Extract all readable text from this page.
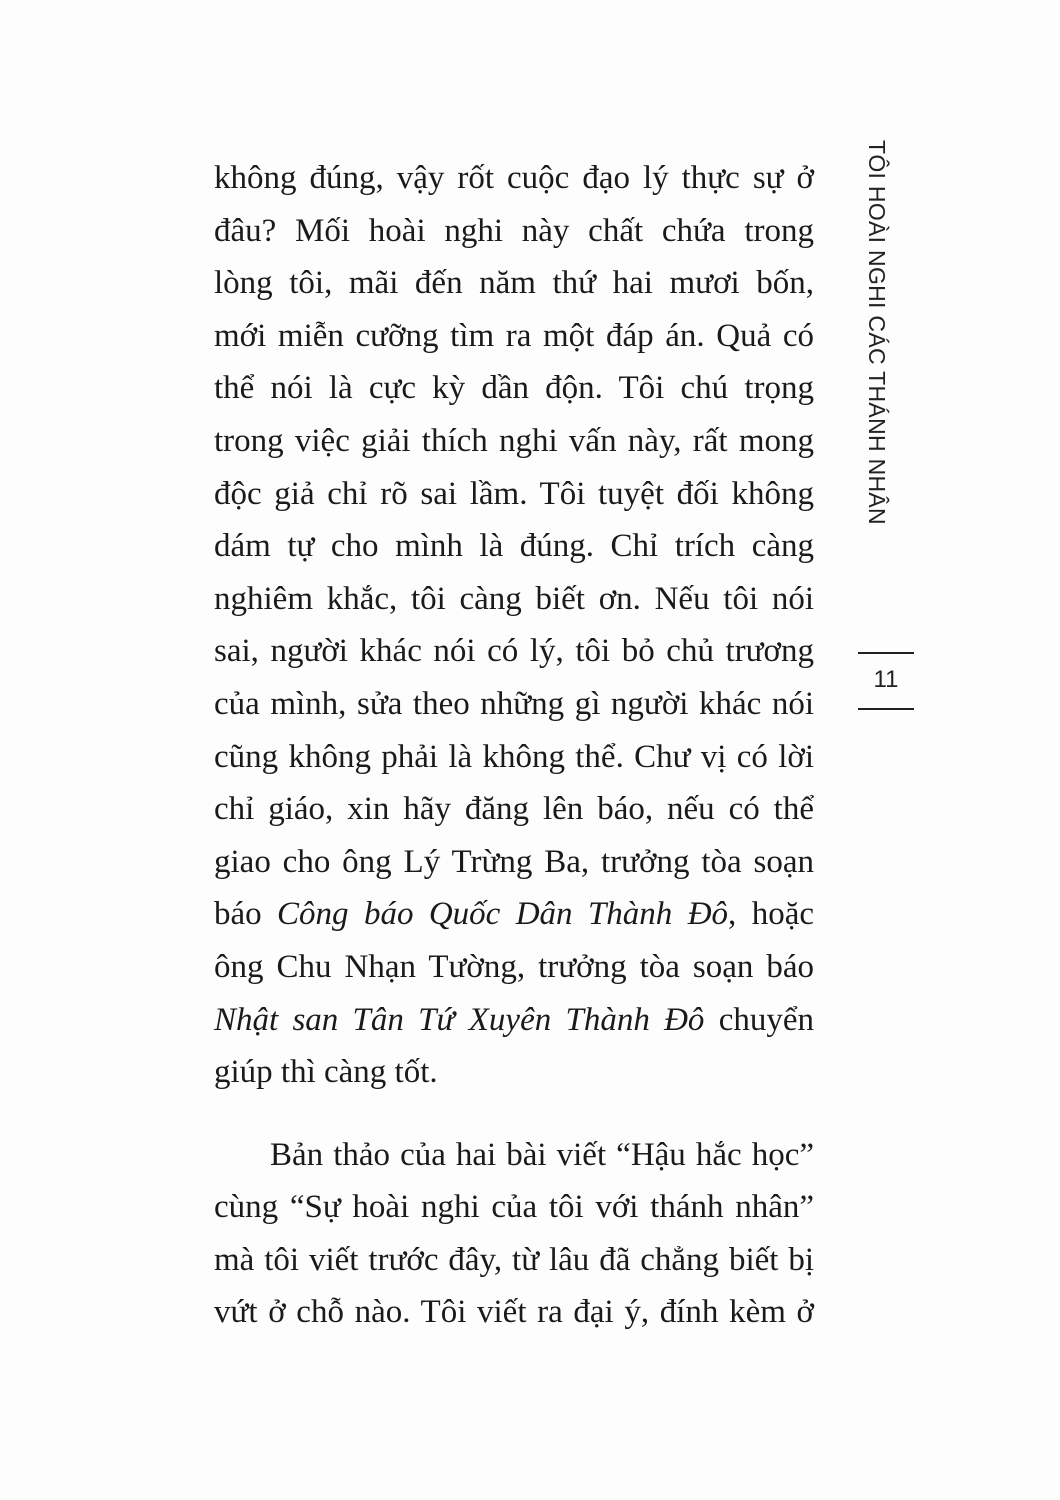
không đúng, vậy rốt cuộc đạo lý thực sự ở
đâu? Mối hoài nghi này chất chứa trong
lòng tôi, mãi đến năm thứ hai mươi bốn,
mới miễn cưỡng tìm ra một đáp án. Quả có
thể nói là cực kỳ dần độn. Tôi chú trọng
trong việc giải thích nghi vấn này, rất mong
độc giả chỉ rõ sai lầm. Tôi tuyệt đối không
dám tự cho mình là đúng. Chỉ trích càng
nghiêm khắc, tôi càng biết ơn. Nếu tôi nói
sai, người khác nói có lý, tôi bỏ chủ trương
của mình, sửa theo những gì người khác nói
cũng không phải là không thể. Chư vị có lời
chỉ giáo, xin hãy đăng lên báo, nếu có thể
giao cho ông Lý Trừng Ba, trưởng tòa soạn
báo Công báo Quốc Dân Thành Đô, hoặc
ông Chu Nhạn Tường, trưởng tòa soạn báo
Nhật san Tân Tứ Xuyên Thành Đô chuyển
giúp thì càng tốt.
Bản thảo của hai bài viết “Hậu hắc học”
cùng “Sự hoài nghi của tôi với thánh nhân”
mà tôi viết trước đây, từ lâu đã chẳng biết bị
vứt ở chỗ nào. Tôi viết ra đại ý, đính kèm ở
TÔI HOÀI NGHI CÁC THÁNH NHÂN
11
